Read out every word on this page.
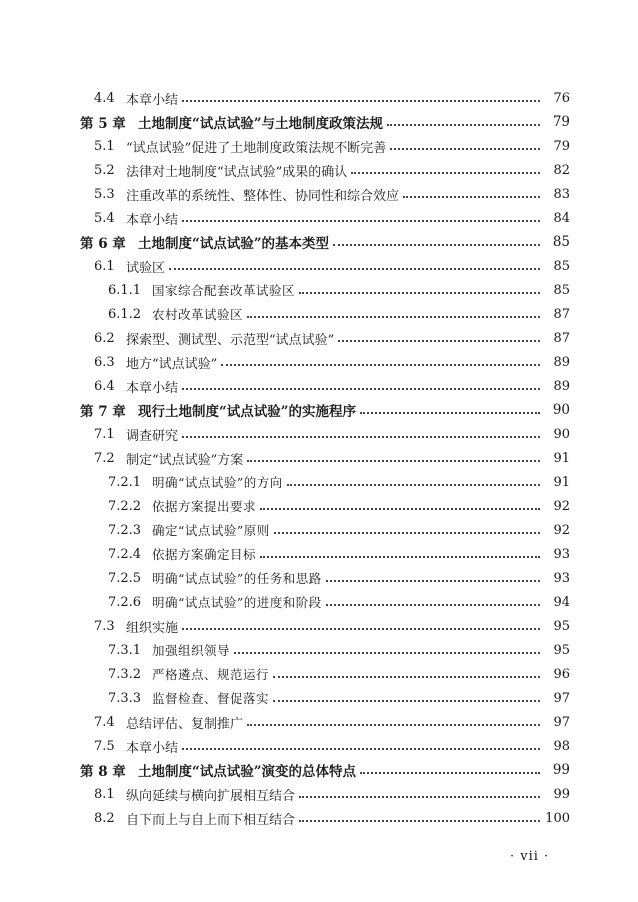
4.4 本章小结	76
第 5 章 土地制度“试点试验”与土地制度政策法规	79
5.1 “试点试验”促进了土地制度政策法规不断完善	79
5.2 法律对土地制度“试点试验”成果的确认	82
5.3 注重改革的系统性、整体性、协同性和综合效应	83
5.4 本章小结	84
第 6 章 土地制度“试点试验”的基本类型	85
6.1 试验区	85
6.1.1 国家综合配套改革试验区	85
6.1.2 农村改革试验区	87
6.2 探索型、测试型、示范型“试点试验”	87
6.3 地方“试点试验”	89
6.4 本章小结	89
第 7 章 现行土地制度“试点试验”的实施程序	90
7.1 调查研究	90
7.2 制定“试点试验”方案	91
7.2.1 明确“试点试验”的方向	91
7.2.2 依据方案提出要求	92
7.2.3 确定“试点试验”原则	92
7.2.4 依据方案确定目标	93
7.2.5 明确“试点试验”的任务和思路	93
7.2.6 明确“试点试验”的进度和阶段	94
7.3 组织实施	95
7.3.1 加强组织领导	95
7.3.2 严格遴点、规范运行	96
7.3.3 监督检查、督促落实	97
7.4 总结评估、复制推广	97
7.5 本章小结	98
第 8 章 土地制度“试点试验”演变的总体特点	99
8.1 纵向延续与横向扩展相互结合	99
8.2 自下而上与自上而下相互结合	100
· vii ·
